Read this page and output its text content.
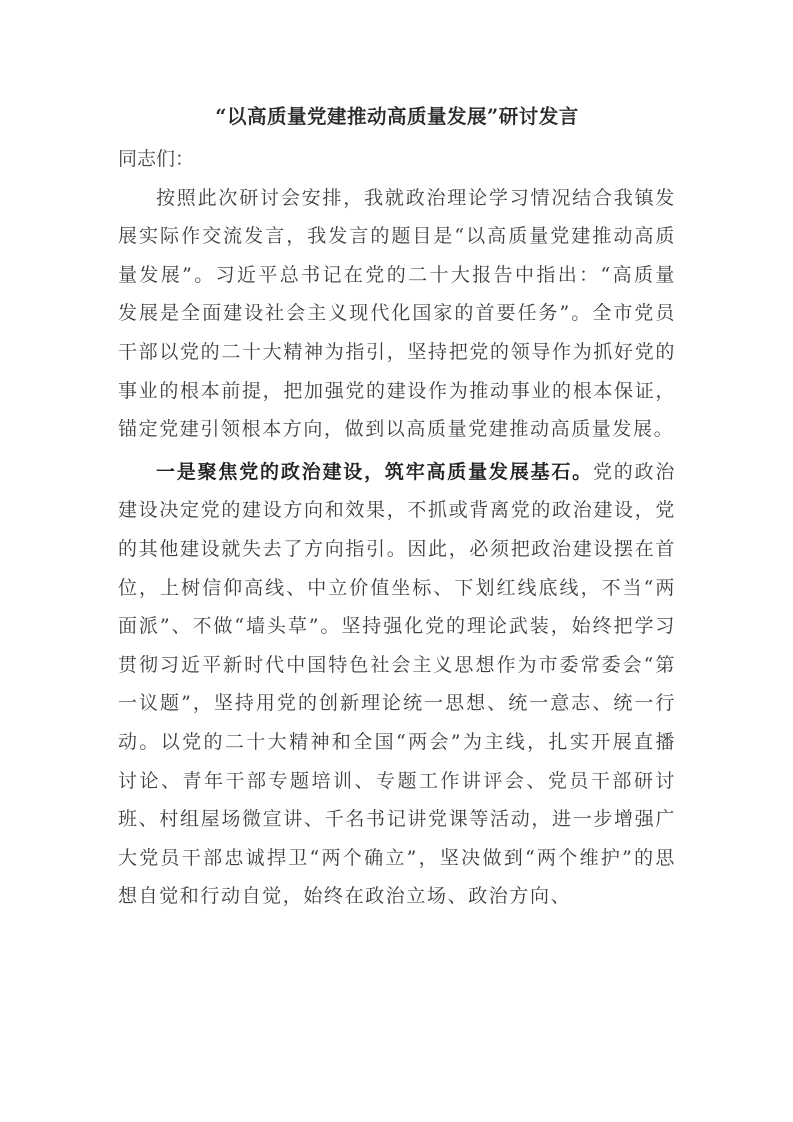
“以高质量党建推动高质量发展”研讨发言

同志们：

按照此次研讨会安排，我就政治理论学习情况结合我镇发展实际作交流发言，我发言的题目是“以高质量党建推动高质量发展”。习近平总书记在党的二十大报告中指出：“高质量发展是全面建设社会主义现代化国家的首要任务”。全市党员干部以党的二十大精神为指引，坚持把党的领导作为抓好党的事业的根本前提，把加强党的建设作为推动事业的根本保证，锚定党建引领根本方向，做到以高质量党建推动高质量发展。

一是聚焦党的政治建设，筑牢高质量发展基石。党的政治建设决定党的建设方向和效果，不抓或背离党的政治建设，党的其他建设就失去了方向指引。因此，必须把政治建设摆在首位，上树信仰高线、中立价值坐标、下划红线底线，不当“两面派”、不做“墙头草”。坚持强化党的理论武装，始终把学习贯彻习近平新时代中国特色社会主义思想作为市委常委会“第一议题”，坚持用党的创新理论统一思想、统一意志、统一行动。以党的二十大精神和全国“两会”为主线，扎实开展直播讨论、青年干部专题培训、专题工作讲评会、党员干部研讨班、村组屋场微宣讲、千名书记讲党课等活动，进一步增强广大党员干部忠诚捍卫“两个确立”，坚决做到“两个维护”的思想自觉和行动自觉，始终在政治立场、政治方向、
